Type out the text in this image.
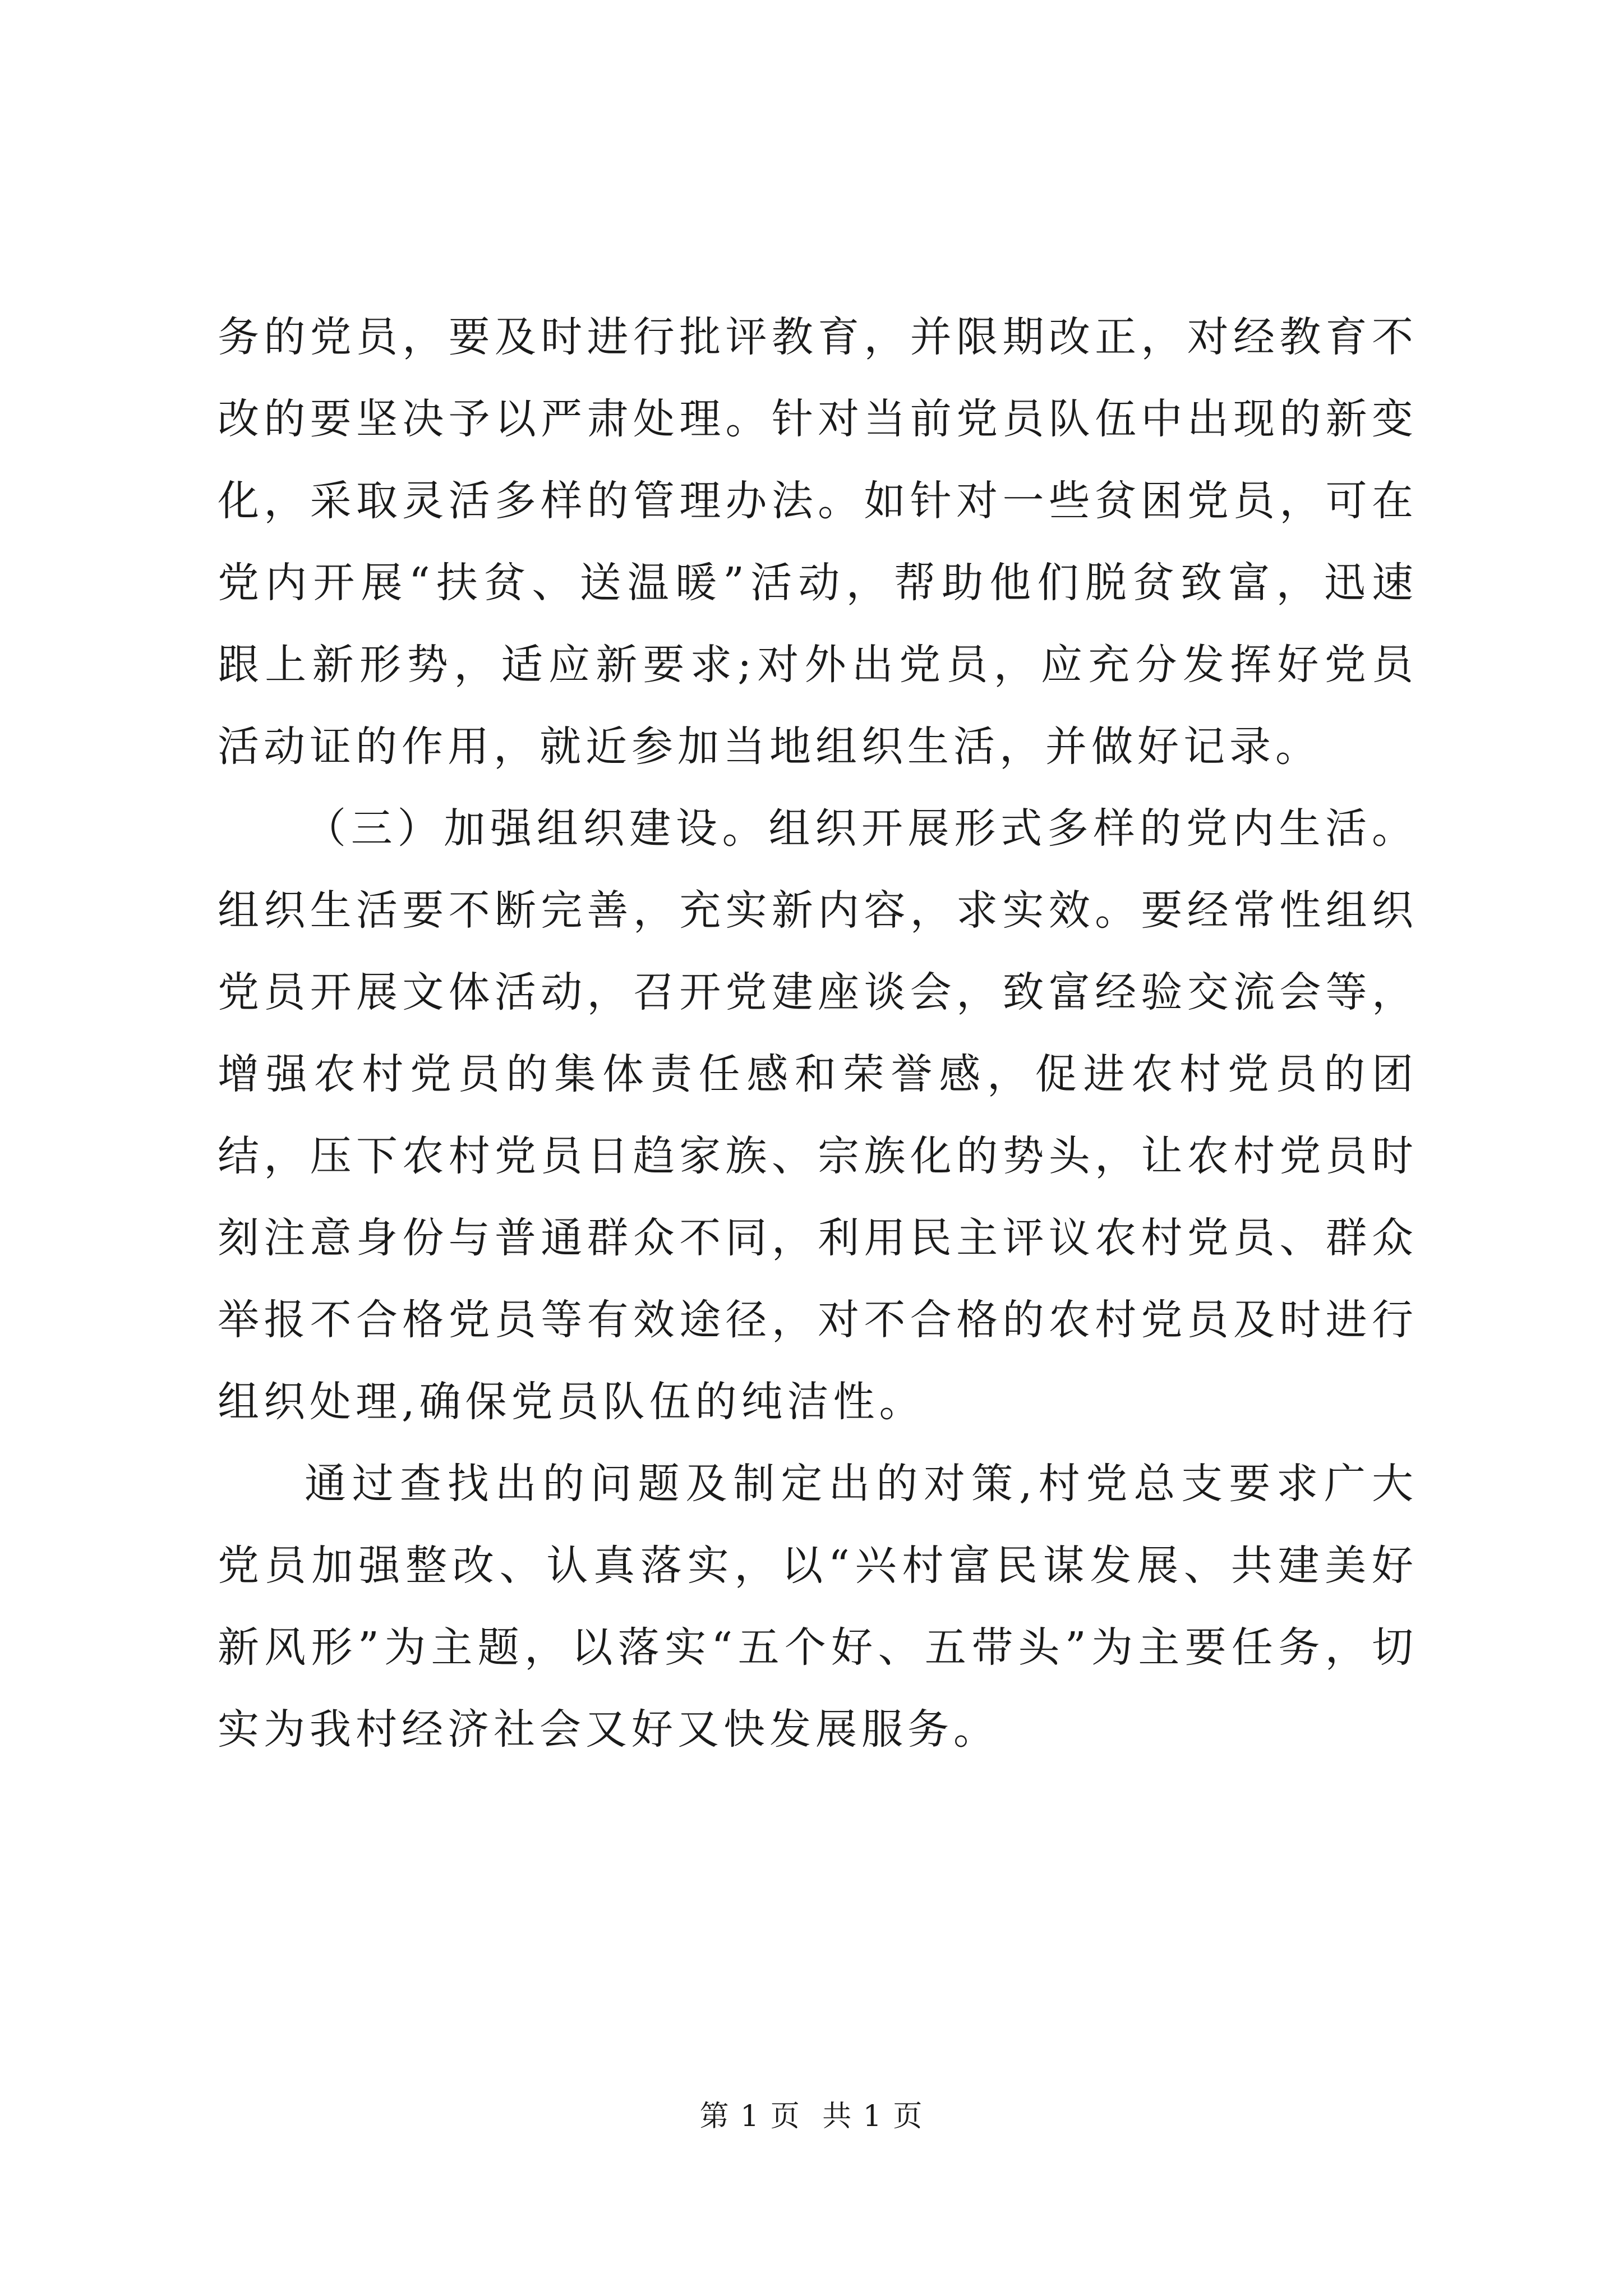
务的党员，要及时进行批评教育，并限期改正，对经教育不改的要坚决予以严肃处理。针对当前党员队伍中出现的新变化，采取灵活多样的管理办法。如针对一些贫困党员，可在党内开展“扶贫、送温暖”活动，帮助他们脱贫致富，迅速跟上新形势，适应新要求;对外出党员，应充分发挥好党员活动证的作用，就近参加当地组织生活，并做好记录。

（三）加强组织建设。组织开展形式多样的党内生活。组织生活要不断完善，充实新内容，求实效。要经常性组织党员开展文体活动，召开党建座谈会，致富经验交流会等，增强农村党员的集体责任感和荣誉感，促进农村党员的团结，压下农村党员日趋家族、宗族化的势头，让农村党员时刻注意身份与普通群众不同，利用民主评议农村党员、群众举报不合格党员等有效途径，对不合格的农村党员及时进行组织处理,确保党员队伍的纯洁性。

通过查找出的问题及制定出的对策,村党总支要求广大党员加强整改、认真落实，以“兴村富民谋发展、共建美好新风形”为主题，以落实“五个好、五带头”为主要任务，切实为我村经济社会又好又快发展服务。

第 1 页 共 1 页
